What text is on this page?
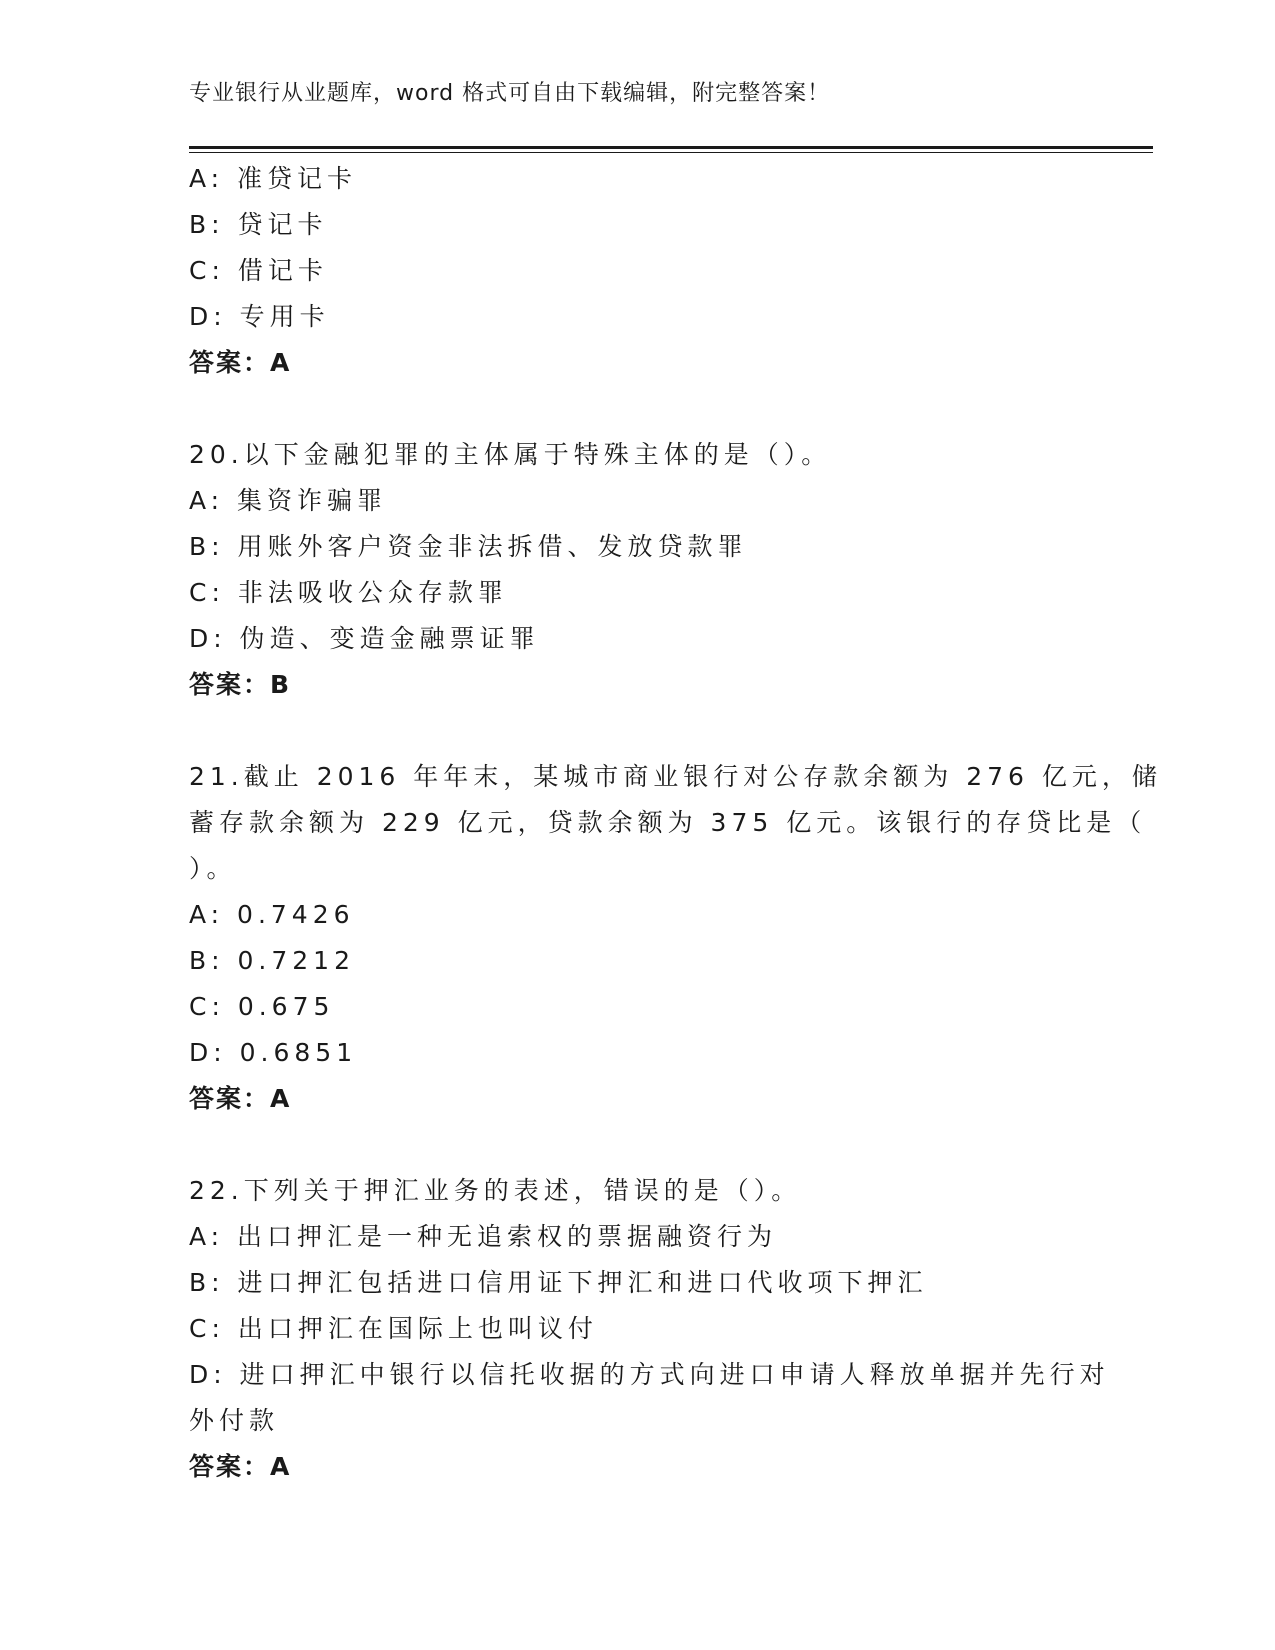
专业银行从业题库，word 格式可自由下载编辑，附完整答案！
A: 准贷记卡
B: 贷记卡
C: 借记卡
D: 专用卡
答案：A
20.以下金融犯罪的主体属于特殊主体的是（）。
A: 集资诈骗罪
B: 用账外客户资金非法拆借、发放贷款罪
C: 非法吸收公众存款罪
D: 伪造、变造金融票证罪
答案：B
21.截止 2016 年年末，某城市商业银行对公存款余额为 276 亿元，储
蓄存款余额为 229 亿元，贷款余额为 375 亿元。该银行的存贷比是（
）。
A: 0.7426
B: 0.7212
C: 0.675
D: 0.6851
答案：A
22.下列关于押汇业务的表述，错误的是（）。
A: 出口押汇是一种无追索权的票据融资行为
B: 进口押汇包括进口信用证下押汇和进口代收项下押汇
C: 出口押汇在国际上也叫议付
D: 进口押汇中银行以信托收据的方式向进口申请人释放单据并先行对
外付款
答案：A
